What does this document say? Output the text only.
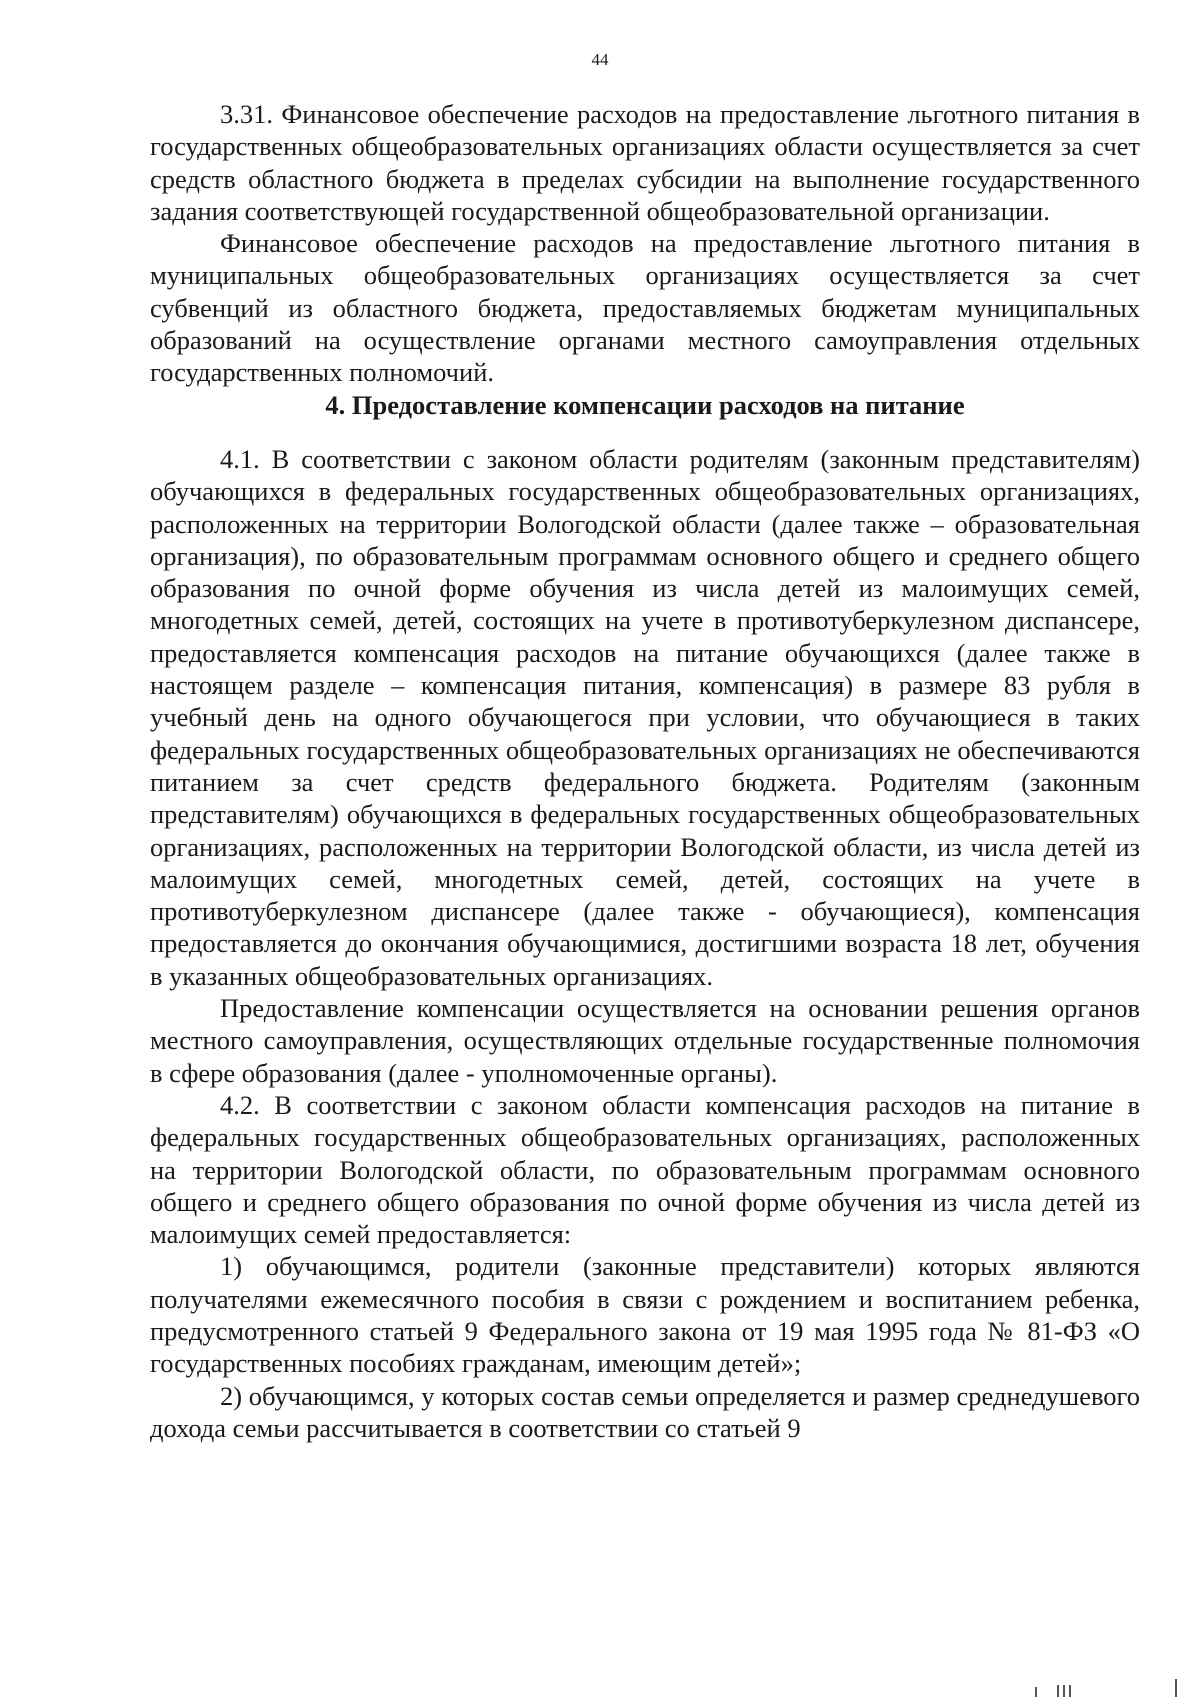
44

3.31. Финансовое обеспечение расходов на предоставление льготного питания в государственных общеобразовательных организациях области осуществляется за счет средств областного бюджета в пределах субсидии на выполнение государственного задания соответствующей государственной общеобразовательной организации.

Финансовое обеспечение расходов на предоставление льготного питания в муниципальных общеобразовательных организациях осуществляется за счет субвенций из областного бюджета, предоставляемых бюджетам муниципальных образований на осуществление органами местного самоуправления отдельных государственных полномочий.

4. Предоставление компенсации расходов на питание

4.1. В соответствии с законом области родителям (законным представителям) обучающихся в федеральных государственных общеобразовательных организациях, расположенных на территории Вологодской области (далее также – образовательная организация), по образовательным программам основного общего и среднего общего образования по очной форме обучения из числа детей из малоимущих семей, многодетных семей, детей, состоящих на учете в противотуберкулезном диспансере, предоставляется компенсация расходов на питание обучающихся (далее также в настоящем разделе – компенсация питания, компенсация) в размере 83 рубля в учебный день на одного обучающегося при условии, что обучающиеся в таких федеральных государственных общеобразовательных организациях не обеспечиваются питанием за счет средств федерального бюджета. Родителям (законным представителям) обучающихся в федеральных государственных общеобразовательных организациях, расположенных на территории Вологодской области, из числа детей из малоимущих семей, многодетных семей, детей, состоящих на учете в противотуберкулезном диспансере (далее также - обучающиеся), компенсация предоставляется до окончания обучающимися, достигшими возраста 18 лет, обучения в указанных общеобразовательных организациях.

Предоставление компенсации осуществляется на основании решения органов местного самоуправления, осуществляющих отдельные государственные полномочия в сфере образования (далее - уполномоченные органы).

4.2. В соответствии с законом области компенсация расходов на питание в федеральных государственных общеобразовательных организациях, расположенных на территории Вологодской области, по образовательным программам основного общего и среднего общего образования по очной форме обучения из числа детей из малоимущих семей предоставляется:

1) обучающимся, родители (законные представители) которых являются получателями ежемесячного пособия в связи с рождением и воспитанием ребенка, предусмотренного статьей 9 Федерального закона от 19 мая 1995 года № 81-ФЗ «О государственных пособиях гражданам, имеющим детей»;

2) обучающимся, у которых состав семьи определяется и размер среднедушевого дохода семьи рассчитывается в соответствии со статьей 9
